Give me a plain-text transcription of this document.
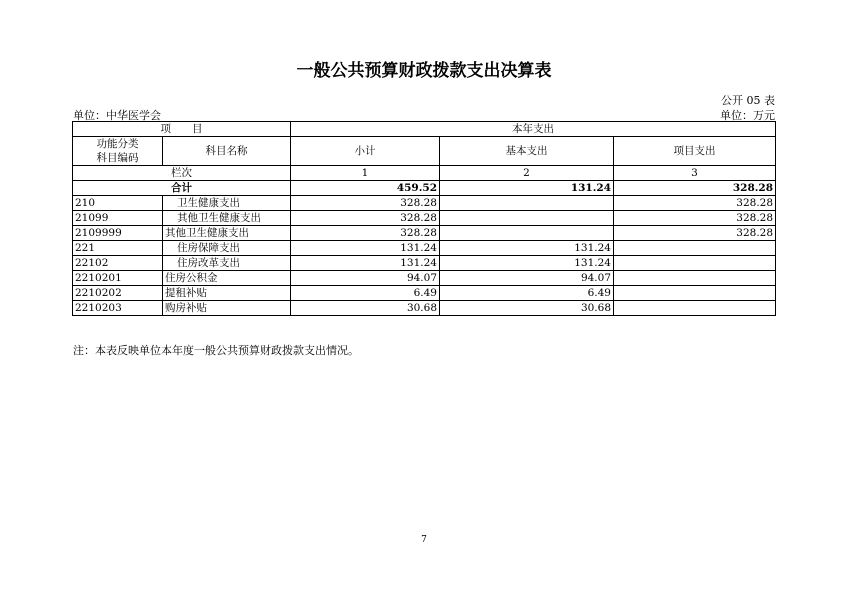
一般公共预算财政拨款支出决算表
公开 05 表
单位：中华医学会	单位：万元
项　　目		本年支出		
功能分类
科目编码	科目名称	小计	基本支出	项目支出
栏次		1	2	3
合计		459.52	131.24	328.28
210	卫生健康支出	328.28		328.28
21099	其他卫生健康支出	328.28		328.28
2109999	其他卫生健康支出	328.28		328.28
221	住房保障支出	131.24	131.24	
22102	住房改革支出	131.24	131.24	
2210201	住房公积金	94.07	94.07	
2210202	提租补贴	6.49	6.49	
2210203	购房补贴	30.68	30.68	
注：本表反映单位本年度一般公共预算财政拨款支出情况。
7
